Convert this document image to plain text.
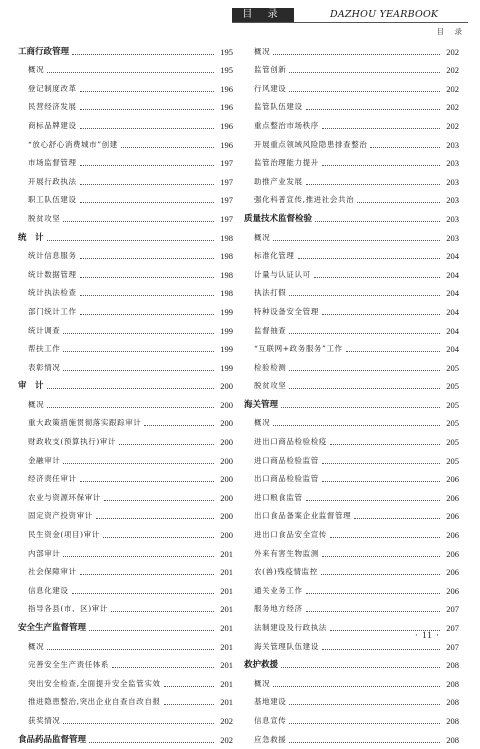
目 录	DAZHOU YEARBOOK
目 录
工商行政管理	195
概况	195
登记制度改革	196
民营经济发展	196
商标品牌建设	196
“放心舒心消费城市”创建	196
市场监督管理	197
开展行政执法	197
职工队伍建设	197
脱贫攻坚	197
统　计	198
统计信息服务	198
统计数据管理	198
统计执法检查	198
部门统计工作	199
统计调查	199
帮扶工作	199
表彰情况	199
审　计	200
概况	200
重大政策措施贯彻落实跟踪审计	200
财政收支(预算执行)审计	200
金融审计	200
经济责任审计	200
农业与资源环保审计	200
固定资产投资审计	200
民生资金(项目)审计	200
内部审计	201
社会保障审计	201
信息化建设	201
指导各县(市、区)审计	201
安全生产监督管理	201
概况	201
完善安全生产责任体系	201
突出安全检查,全面提升安全监管实效	201
推进隐患整治,突出企业自查自改自报	201
获奖情况	202
食品药品监督管理	202
概况	202
监管创新	202
行风建设	202
监管队伍建设	202
重点整治市场秩序	202
开展重点领域风险隐患排查整治	203
监管治理能力提升	203
助推产业发展	203
强化科普宣传,推进社会共治	203
质量技术监督检验	203
概况	203
标准化管理	204
计量与认证认可	204
执法打假	204
特种设备安全管理	204
监督抽查	204
“互联网+政务服务”工作	204
检验检测	205
脱贫攻坚	205
海关管理	205
概况	205
进出口商品检验检疫	205
进口商品检验监管	205
出口商品检验监管	206
进口粮食监管	206
出口食品备案企业监督管理	206
进出口食品安全宣传	206
外来有害生物监测	206
农(兽)残疫情监控	206
通关业务工作	206
服务地方经济	207
法制建设及行政执法	207
海关管理队伍建设	207
救护救援	208
概况	208
基地建设	208
信息宣传	208
应急救援	208
· 11 ·
